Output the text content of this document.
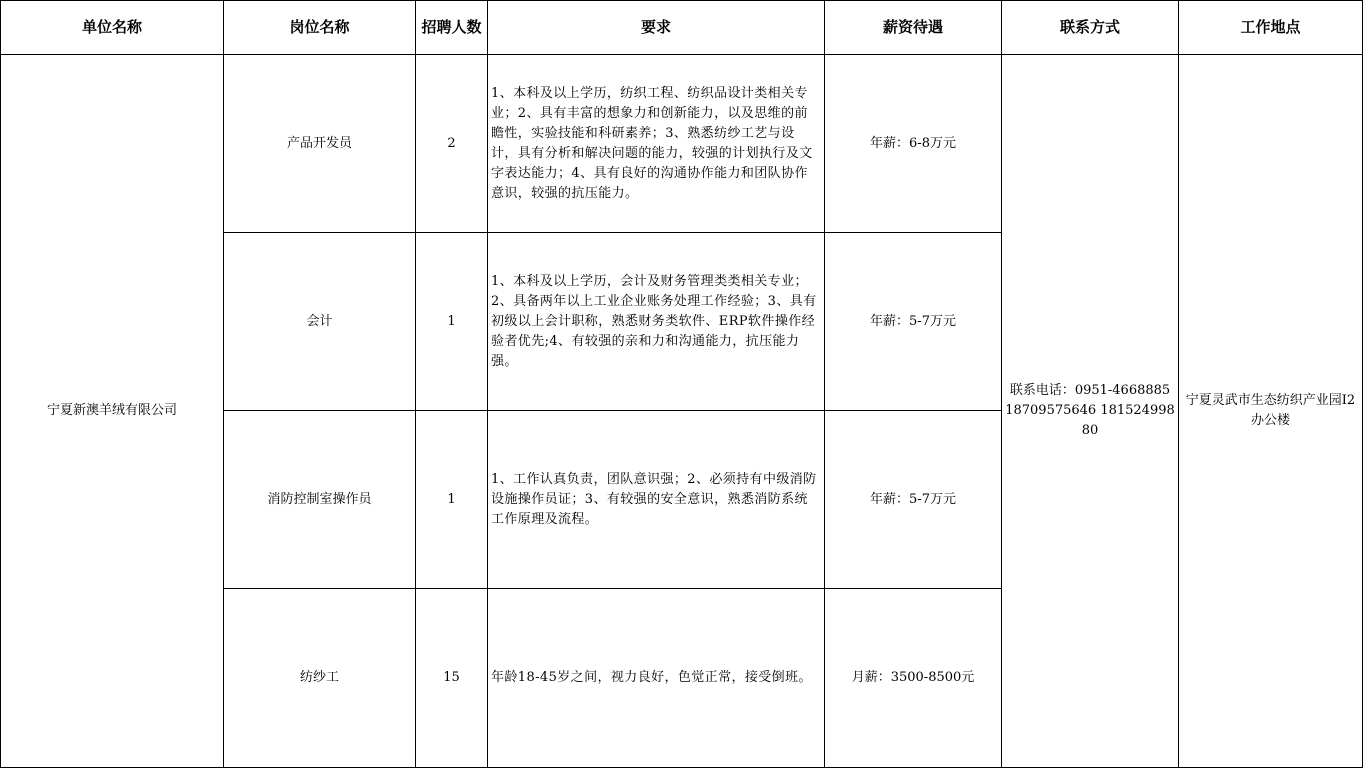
单位名称	岗位名称	招聘人数	要求	薪资待遇	联系方式	工作地点
宁夏新澳羊绒有限公司	产品开发员	2	1、本科及以上学历，纺织工程、纺织品设计类相关专业；2、具有丰富的想象力和创新能力，以及思维的前瞻性，实验技能和科研素养；3、熟悉纺纱工艺与设计，具有分析和解决问题的能力，较强的计划执行及文字表达能力；4、具有良好的沟通协作能力和团队协作意识，较强的抗压能力。	年薪：6-8万元	联系电话：0951-4668885 18709575646 18152499880	宁夏灵武市生态纺织产业园I2办公楼
	会计	1	1、本科及以上学历，会计及财务管理类类相关专业；2、具备两年以上工业企业账务处理工作经验；3、具有初级以上会计职称，熟悉财务类软件、ERP软件操作经验者优先;4、有较强的亲和力和沟通能力，抗压能力强。	年薪：5-7万元		
	消防控制室操作员	1	1、工作认真负责，团队意识强；2、必须持有中级消防设施操作员证；3、有较强的安全意识，熟悉消防系统工作原理及流程。	年薪：5-7万元		
	纺纱工	15	年龄18-45岁之间，视力良好，色觉正常，接受倒班。	月薪：3500-8500元		
